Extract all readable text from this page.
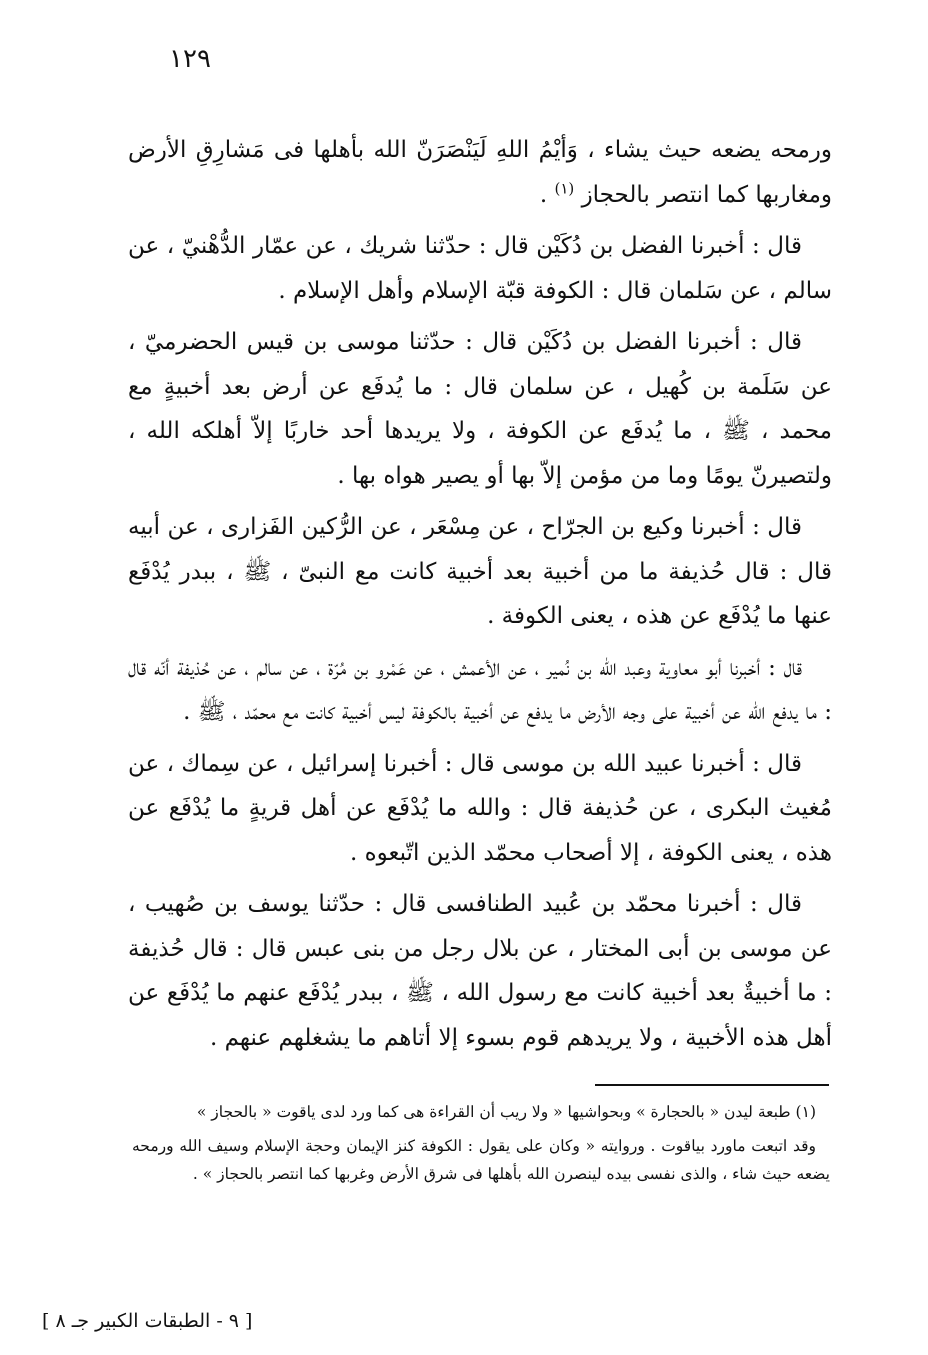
١٢٩

ورمحه يضعه حيث يشاء ، وَأيْمُ اللهِ لَيَنْصَرَنّ الله بأهلها فى مَشارِقِ الأرض ومغاربها كما انتصر بالحجاز $^{(١)}$ .

قال : أخبرنا الفضل بن دُكَيْن قال : حدّثنا شريك ، عن عمّار الدُّهْنيّ ، عن سالم ، عن سَلمان قال : الكوفة قبّة الإسلام وأهل الإسلام .

قال : أخبرنا الفضل بن دُكَيْن قال : حدّثنا موسى بن قيس الحضرميّ ، عن سَلَمة بن كُهيل ، عن سلمان قال : ما يُدفَع عن أرض بعد أخبيةٍ مع محمد ، ﷺ ، ما يُدفَع عن الكوفة ، ولا يريدها أحد خاربًا إلاّ أهلكه الله ، ولتصيرنّ يومًا وما من مؤمن إلاّ بها أو يصير هواه بها .

قال : أخبرنا وكيع بن الجرّاح ، عن مِسْعَر ، عن الرُّكين الفَزارى ، عن أبيه قال : قال حُذيفة ما من أخبية بعد أخبية كانت مع النبىّ ، ﷺ ، ببدر يُدْفَع عنها ما يُدْفَع عن هذه ، يعنى الكوفة .

قال : أخبرنا أبو معاوية وعبد الله بن نُمير ، عن الأعمش ، عن عَمْرو بن مُرّة ، عن سالم ، عن حُذيفة أنّه قال : ما يدفع الله عن أخبية على وجه الأرض ما يدفع عن أخبية بالكوفة ليس أخبية كانت مع محمّد ، ﷺ .

قال : أخبرنا عبيد الله بن موسى قال : أخبرنا إسرائيل ، عن سِماك ، عن مُغيث البكرى ، عن حُذيفة قال : والله ما يُدْفَع عن أهل قريةٍ ما يُدْفَع عن هذه ، يعنى الكوفة ، إلا أصحاب محمّد الذين اتّبعوه .

قال : أخبرنا محمّد بن عُبيد الطنافسى قال : حدّثنا يوسف بن صُهيب ، عن موسى بن أبى المختار ، عن بلال رجل من بنى عبس قال : قال حُذيفة : ما أخبيةٌ بعد أخبية كانت مع رسول الله ، ﷺ ، ببدر يُدْفَع عنهم ما يُدْفَع عن أهل هذه الأخبية ، ولا يريدهم قوم بسوء إلا أتاهم ما يشغلهم عنهم .

(١) طبعة ليدن « بالحجارة » وبحواشيها « ولا ريب أن القراءة هى كما ورد لدى ياقوت « بالحجاز »

وقد اتبعت ماورد بياقوت . وروايته « وكان على يقول : الكوفة كنز الإيمان وحجة الإسلام وسيف الله ورمحه يضعه حيث شاء ، والذى نفسى بيده لينصرن الله بأهلها فى شرق الأرض وغربها كما انتصر بالحجاز » .

[ ٩ - الطبقات الكبير جـ ٨ ]
